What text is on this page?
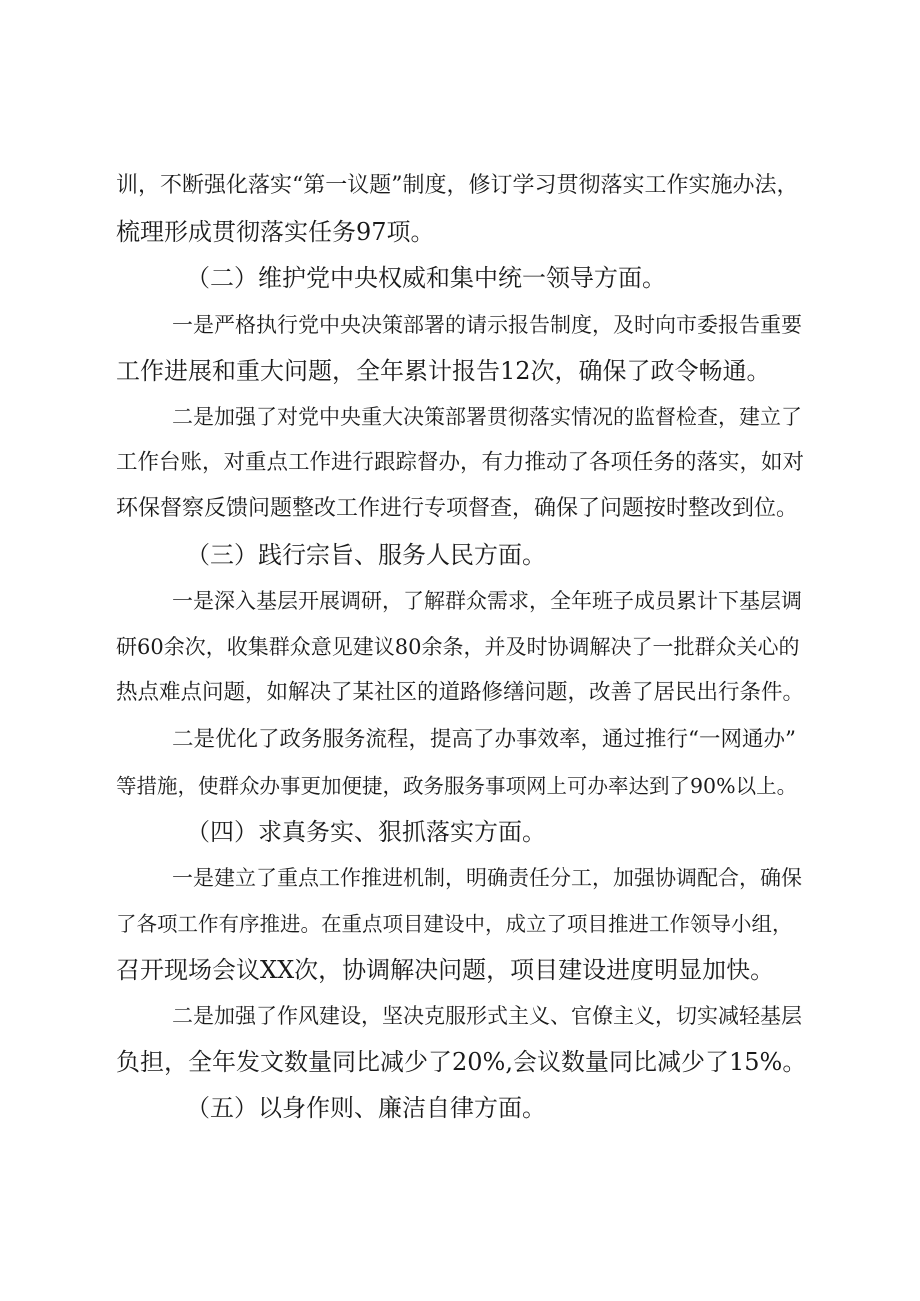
训，不断强化落实“第一议题”制度，修订学习贯彻落实工作实施办法，

梳理形成贯彻落实任务97项。

（二）维护党中央权威和集中统一领导方面。

一是严格执行党中央决策部署的请示报告制度，及时向市委报告重要

工作进展和重大问题，全年累计报告12次，确保了政令畅通。

二是加强了对党中央重大决策部署贯彻落实情况的监督检查，建立了

工作台账，对重点工作进行跟踪督办，有力推动了各项任务的落实，如对

环保督察反馈问题整改工作进行专项督查，确保了问题按时整改到位。

（三）践行宗旨、服务人民方面。

一是深入基层开展调研，了解群众需求，全年班子成员累计下基层调

研60余次，收集群众意见建议80余条，并及时协调解决了一批群众关心的

热点难点问题，如解决了某社区的道路修缮问题，改善了居民出行条件。

二是优化了政务服务流程，提高了办事效率，通过推行“一网通办”

等措施，使群众办事更加便捷，政务服务事项网上可办率达到了90%以上。

（四）求真务实、狠抓落实方面。

一是建立了重点工作推进机制，明确责任分工，加强协调配合，确保

了各项工作有序推进。在重点项目建设中，成立了项目推进工作领导小组，

召开现场会议XX次，协调解决问题，项目建设进度明显加快。

二是加强了作风建设，坚决克服形式主义、官僚主义，切实减轻基层

负担，全年发文数量同比减少了20%,会议数量同比减少了15%。

（五）以身作则、廉洁自律方面。
